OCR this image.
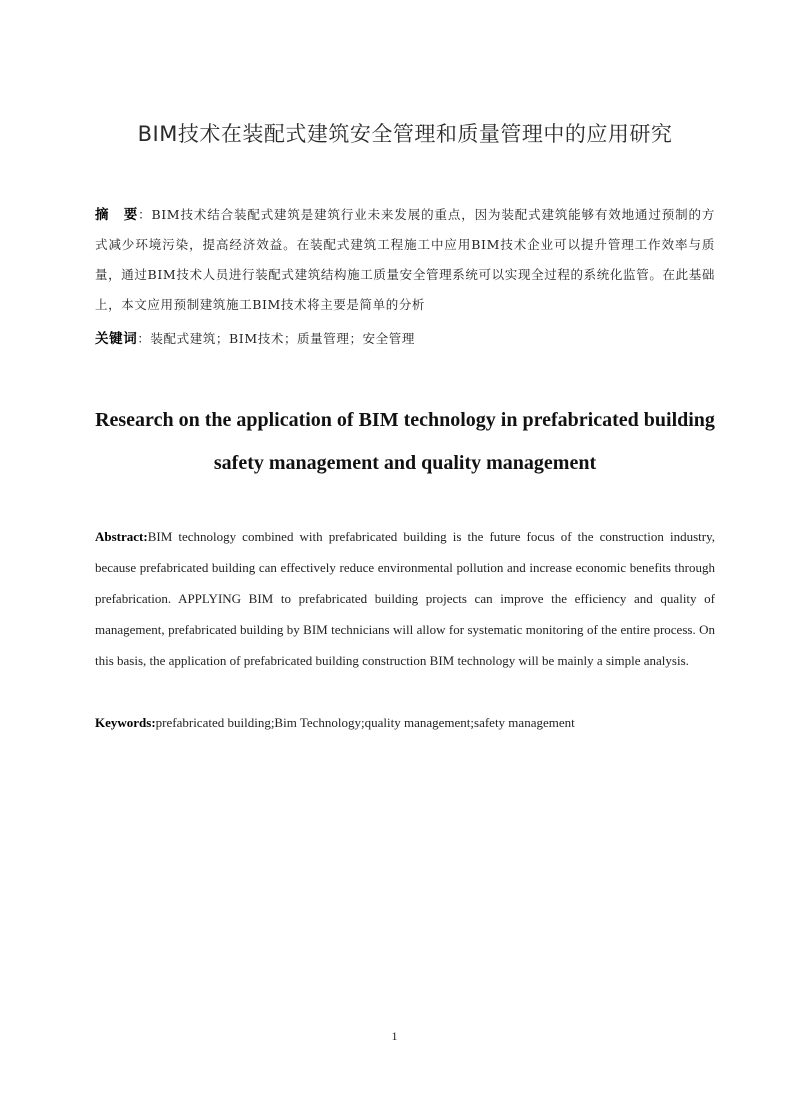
BIM技术在装配式建筑安全管理和质量管理中的应用研究

摘　要：BIM技术结合装配式建筑是建筑行业未来发展的重点，因为装配式建筑能够有效地通过预制的方式减少环境污染，提高经济效益。在装配式建筑工程施工中应用BIM技术企业可以提升管理工作效率与质量，通过BIM技术人员进行装配式建筑结构施工质量安全管理系统可以实现全过程的系统化监管。在此基础上，本文应用预制建筑施工BIM技术将主要是简单的分析

关键词：装配式建筑；BIM技术；质量管理；安全管理

Research on the application of BIM technology in prefabricated building safety management and quality management

Abstract:BIM technology combined with prefabricated building is the future focus of the construction industry, because prefabricated building can effectively reduce environmental pollution and increase economic benefits through prefabrication. APPLYING BIM to prefabricated building projects can improve the efficiency and quality of management, prefabricated building by BIM technicians will allow for systematic monitoring of the entire process. On this basis, the application of prefabricated building construction BIM technology will be mainly a simple analysis.

Keywords:prefabricated building;Bim Technology;quality management;safety management

1
